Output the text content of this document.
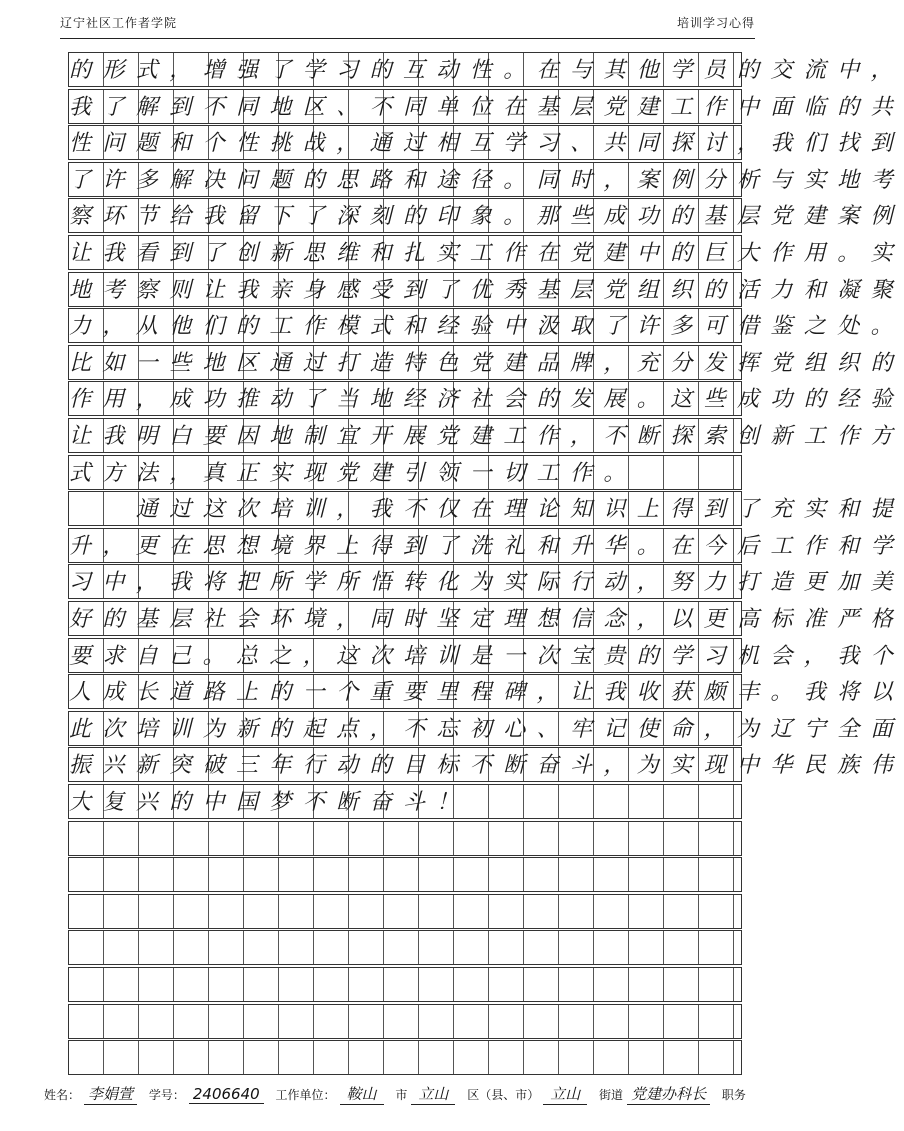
辽宁社区工作者学院	培训学习心得
的形式，增强了学习的互动性。在与其他学员的交流中，
我了解到不同地区、不同单位在基层党建工作中面临的共
性问题和个性挑战，通过相互学习、共同探讨，我们找到
了许多解决问题的思路和途径。同时，案例分析与实地考
察环节给我留下了深刻的印象。那些成功的基层党建案例
让我看到了创新思维和扎实工作在党建中的巨大作用。实
地考察则让我亲身感受到了优秀基层党组织的活力和凝聚
力，从他们的工作模式和经验中汲取了许多可借鉴之处。
比如一些地区通过打造特色党建品牌，充分发挥党组织的
作用，成功推动了当地经济社会的发展。这些成功的经验
让我明白要因地制宜开展党建工作，不断探索创新工作方
式方法，真正实现党建引领一切工作。
　　通过这次培训，我不仅在理论知识上得到了充实和提
升，更在思想境界上得到了洗礼和升华。在今后工作和学
习中，我将把所学所悟转化为实际行动，努力打造更加美
好的基层社会环境，同时坚定理想信念，以更高标准严格
要求自己。总之，这次培训是一次宝贵的学习机会，我个
人成长道路上的一个重要里程碑，让我收获颇丰。我将以
此次培训为新的起点，不忘初心、牢记使命，为辽宁全面
振兴新突破三年行动的目标不断奋斗，为实现中华民族伟
大复兴的中国梦不断奋斗！
姓名： 李娟萱 学号： 2406640 工作单位： 鞍山 市 立山 区（县、市） 立山 街道 党建办科长 职务
